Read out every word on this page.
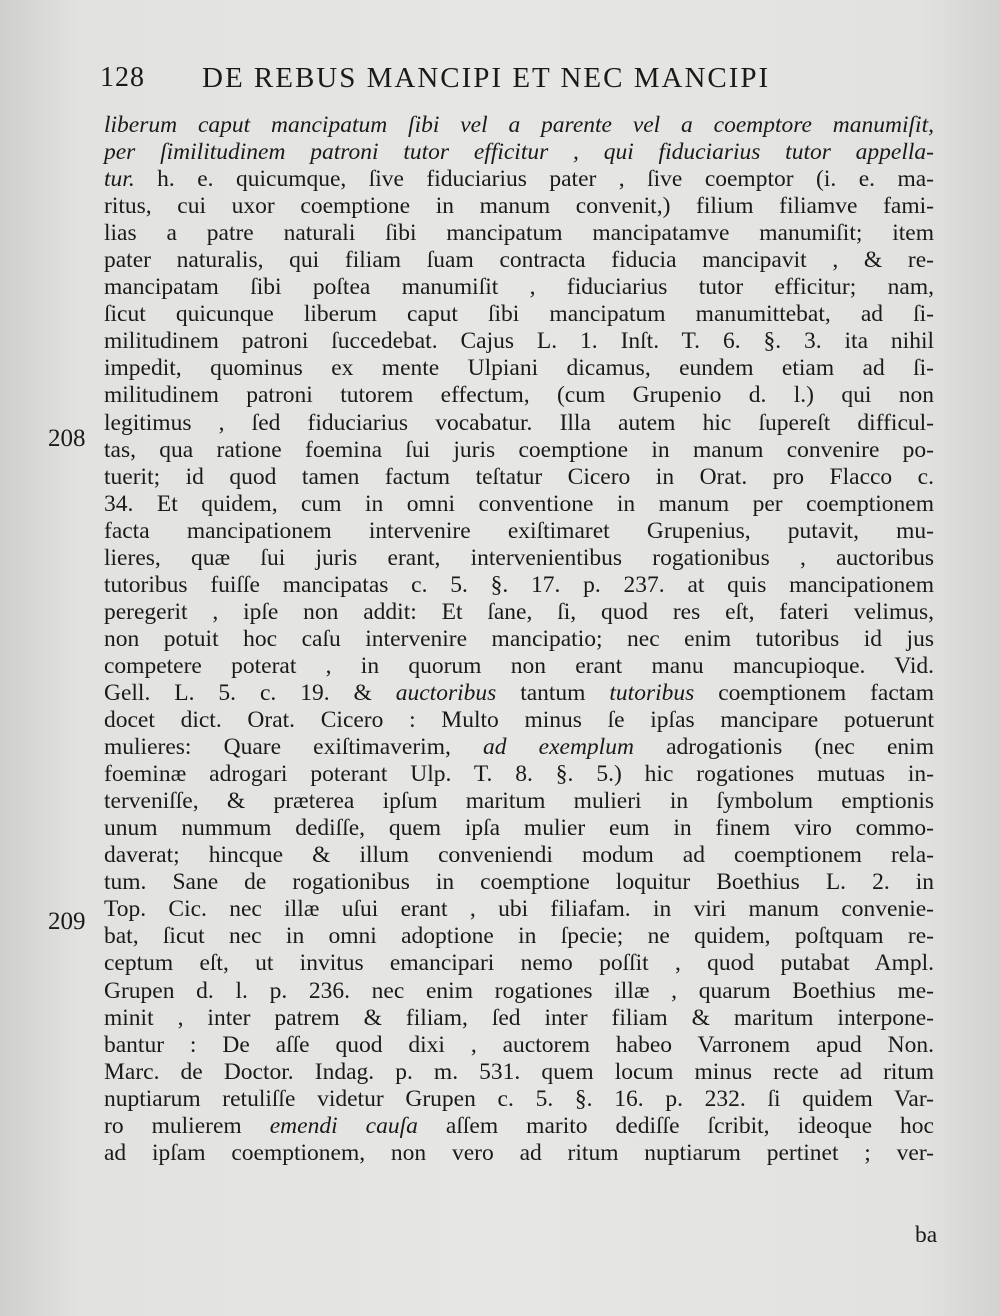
128 DE REBUS MANCIPI ET NEC MANCIPI
208
209
liberum caput mancipatum ſibi vel a parente vel a coemptore manumiſit,
per ſimilitudinem patroni tutor efficitur , qui fiduciarius tutor appella-
tur. h. e. quicumque, ſive fiduciarius pater , ſive coemptor (i. e. ma-
ritus, cui uxor coemptione in manum convenit,) filium filiamve fami-
lias a patre naturali ſibi mancipatum mancipatamve manumiſit; item
pater naturalis, qui filiam ſuam contracta fiducia mancipavit , & re-
mancipatam ſibi poſtea manumiſit , fiduciarius tutor efficitur; nam,
ſicut quicunque liberum caput ſibi mancipatum manumittebat, ad ſi-
militudinem patroni ſuccedebat. Cajus L. 1. Inſt. T. 6. §. 3. ita nihil
impedit, quominus ex mente Ulpiani dicamus, eundem etiam ad ſi-
militudinem patroni tutorem effectum, (cum Grupenio d. l.) qui non
legitimus , ſed fiduciarius vocabatur. Illa autem hic ſupereſt difficul-
tas, qua ratione foemina ſui juris coemptione in manum convenire po-
tuerit; id quod tamen factum teſtatur Cicero in Orat. pro Flacco c.
34. Et quidem, cum in omni conventione in manum per coemptionem
facta mancipationem intervenire exiſtimaret Grupenius, putavit, mu-
lieres, quæ ſui juris erant, intervenientibus rogationibus , auctoribus
tutoribus fuiſſe mancipatas c. 5. §. 17. p. 237. at quis mancipationem
peregerit , ipſe non addit: Et ſane, ſi, quod res eſt, fateri velimus,
non potuit hoc caſu intervenire mancipatio; nec enim tutoribus id jus
competere poterat , in quorum non erant manu mancupioque. Vid.
Gell. L. 5. c. 19. & auctoribus tantum tutoribus coemptionem factam
docet dict. Orat. Cicero : Multo minus ſe ipſas mancipare potuerunt
mulieres: Quare exiſtimaverim, ad exemplum adrogationis (nec enim
foeminæ adrogari poterant Ulp. T. 8. §. 5.) hic rogationes mutuas in-
terveniſſe, & præterea ipſum maritum mulieri in ſymbolum emptionis
unum nummum dediſſe, quem ipſa mulier eum in finem viro commo-
daverat; hincque & illum conveniendi modum ad coemptionem rela-
tum. Sane de rogationibus in coemptione loquitur Boethius L. 2. in
Top. Cic. nec illæ uſui erant , ubi filiafam. in viri manum convenie-
bat, ſicut nec in omni adoptione in ſpecie; ne quidem, poſtquam re-
ceptum eſt, ut invitus emancipari nemo poſſit , quod putabat Ampl.
Grupen d. l. p. 236. nec enim rogationes illæ , quarum Boethius me-
minit , inter patrem & filiam, ſed inter filiam & maritum interpone-
bantur : De aſſe quod dixi , auctorem habeo Varronem apud Non.
Marc. de Doctor. Indag. p. m. 531. quem locum minus recte ad ritum
nuptiarum retuliſſe videtur Grupen c. 5. §. 16. p. 232. ſi quidem Var-
ro mulierem emendi cauſa aſſem marito dediſſe ſcribit, ideoque hoc
ad ipſam coemptionem, non vero ad ritum nuptiarum pertinet ; ver-
ba
